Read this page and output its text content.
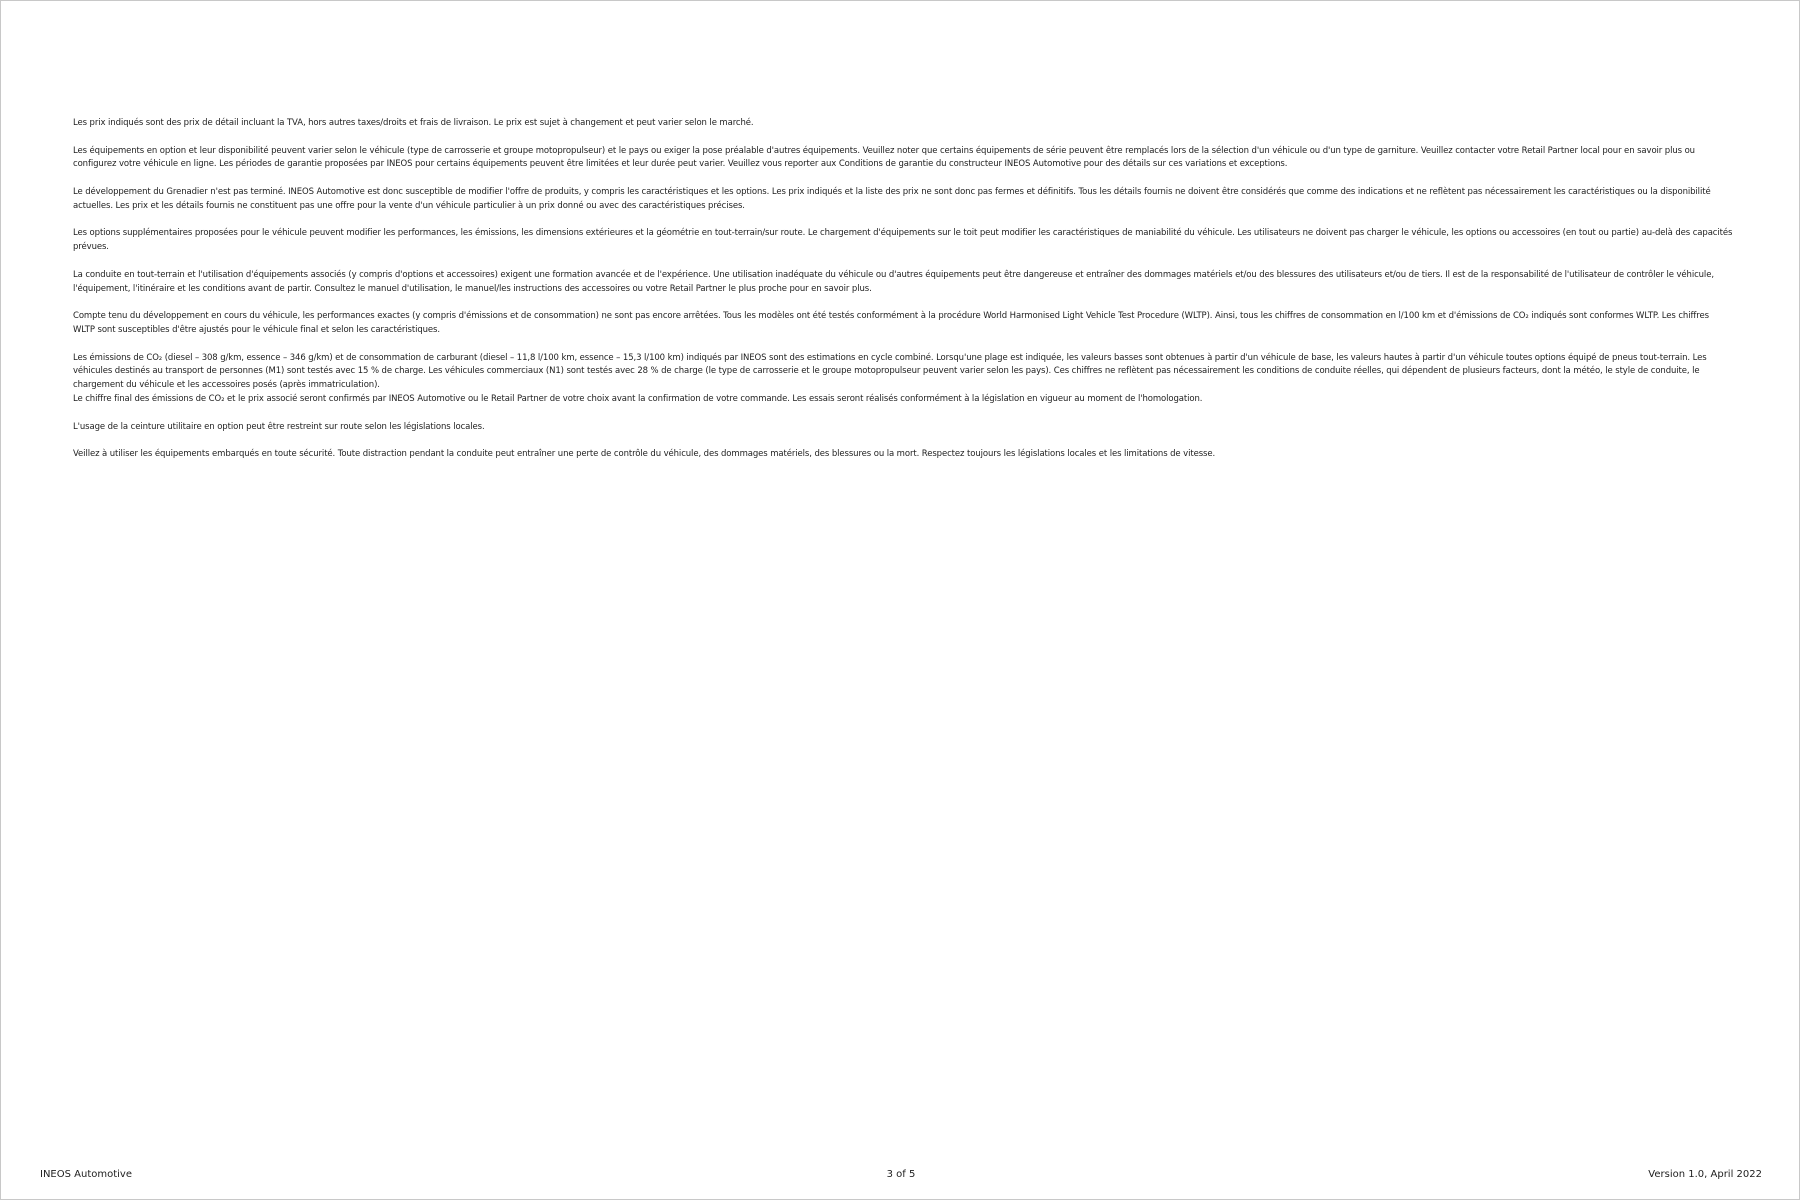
Les prix indiqués sont des prix de détail incluant la TVA, hors autres taxes/droits et frais de livraison. Le prix est sujet à changement et peut varier selon le marché.

Les équipements en option et leur disponibilité peuvent varier selon le véhicule (type de carrosserie et groupe motopropulseur) et le pays ou exiger la pose préalable d'autres équipements. Veuillez noter que certains équipements de série peuvent être remplacés lors de la sélection d'un véhicule ou d'un type de garniture. Veuillez contacter votre Retail Partner local pour en savoir plus ou configurez votre véhicule en ligne. Les périodes de garantie proposées par INEOS pour certains équipements peuvent être limitées et leur durée peut varier. Veuillez vous reporter aux Conditions de garantie du constructeur INEOS Automotive pour des détails sur ces variations et exceptions.

Le développement du Grenadier n'est pas terminé. INEOS Automotive est donc susceptible de modifier l'offre de produits, y compris les caractéristiques et les options. Les prix indiqués et la liste des prix ne sont donc pas fermes et définitifs. Tous les détails fournis ne doivent être considérés que comme des indications et ne reflètent pas nécessairement les caractéristiques ou la disponibilité actuelles. Les prix et les détails fournis ne constituent pas une offre pour la vente d'un véhicule particulier à un prix donné ou avec des caractéristiques précises.

Les options supplémentaires proposées pour le véhicule peuvent modifier les performances, les émissions, les dimensions extérieures et la géométrie en tout-terrain/sur route. Le chargement d'équipements sur le toit peut modifier les caractéristiques de maniabilité du véhicule. Les utilisateurs ne doivent pas charger le véhicule, les options ou accessoires (en tout ou partie) au-delà des capacités prévues.

La conduite en tout-terrain et l'utilisation d'équipements associés (y compris d'options et accessoires) exigent une formation avancée et de l'expérience. Une utilisation inadéquate du véhicule ou d'autres équipements peut être dangereuse et entraîner des dommages matériels et/ou des blessures des utilisateurs et/ou de tiers. Il est de la responsabilité de l'utilisateur de contrôler le véhicule, l'équipement, l'itinéraire et les conditions avant de partir. Consultez le manuel d'utilisation, le manuel/les instructions des accessoires ou votre Retail Partner le plus proche pour en savoir plus.

Compte tenu du développement en cours du véhicule, les performances exactes (y compris d'émissions et de consommation) ne sont pas encore arrêtées. Tous les modèles ont été testés conformément à la procédure World Harmonised Light Vehicle Test Procedure (WLTP). Ainsi, tous les chiffres de consommation en l/100 km et d'émissions de CO₂ indiqués sont conformes WLTP. Les chiffres WLTP sont susceptibles d'être ajustés pour le véhicule final et selon les caractéristiques.

Les émissions de CO₂ (diesel – 308 g/km, essence – 346 g/km) et de consommation de carburant (diesel – 11,8 l/100 km, essence – 15,3 l/100 km) indiqués par INEOS sont des estimations en cycle combiné. Lorsqu'une plage est indiquée, les valeurs basses sont obtenues à partir d'un véhicule de base, les valeurs hautes à partir d'un véhicule toutes options équipé de pneus tout-terrain. Les véhicules destinés au transport de personnes (M1) sont testés avec 15 % de charge. Les véhicules commerciaux (N1) sont testés avec 28 % de charge (le type de carrosserie et le groupe motopropulseur peuvent varier selon les pays). Ces chiffres ne reflètent pas nécessairement les conditions de conduite réelles, qui dépendent de plusieurs facteurs, dont la météo, le style de conduite, le chargement du véhicule et les accessoires posés (après immatriculation).

Le chiffre final des émissions de CO₂ et le prix associé seront confirmés par INEOS Automotive ou le Retail Partner de votre choix avant la confirmation de votre commande. Les essais seront réalisés conformément à la législation en vigueur au moment de l'homologation.

L'usage de la ceinture utilitaire en option peut être restreint sur route selon les législations locales.

Veillez à utiliser les équipements embarqués en toute sécurité. Toute distraction pendant la conduite peut entraîner une perte de contrôle du véhicule, des dommages matériels, des blessures ou la mort. Respectez toujours les législations locales et les limitations de vitesse.

INEOS Automotive	3 of 5	Version 1.0, April 2022
